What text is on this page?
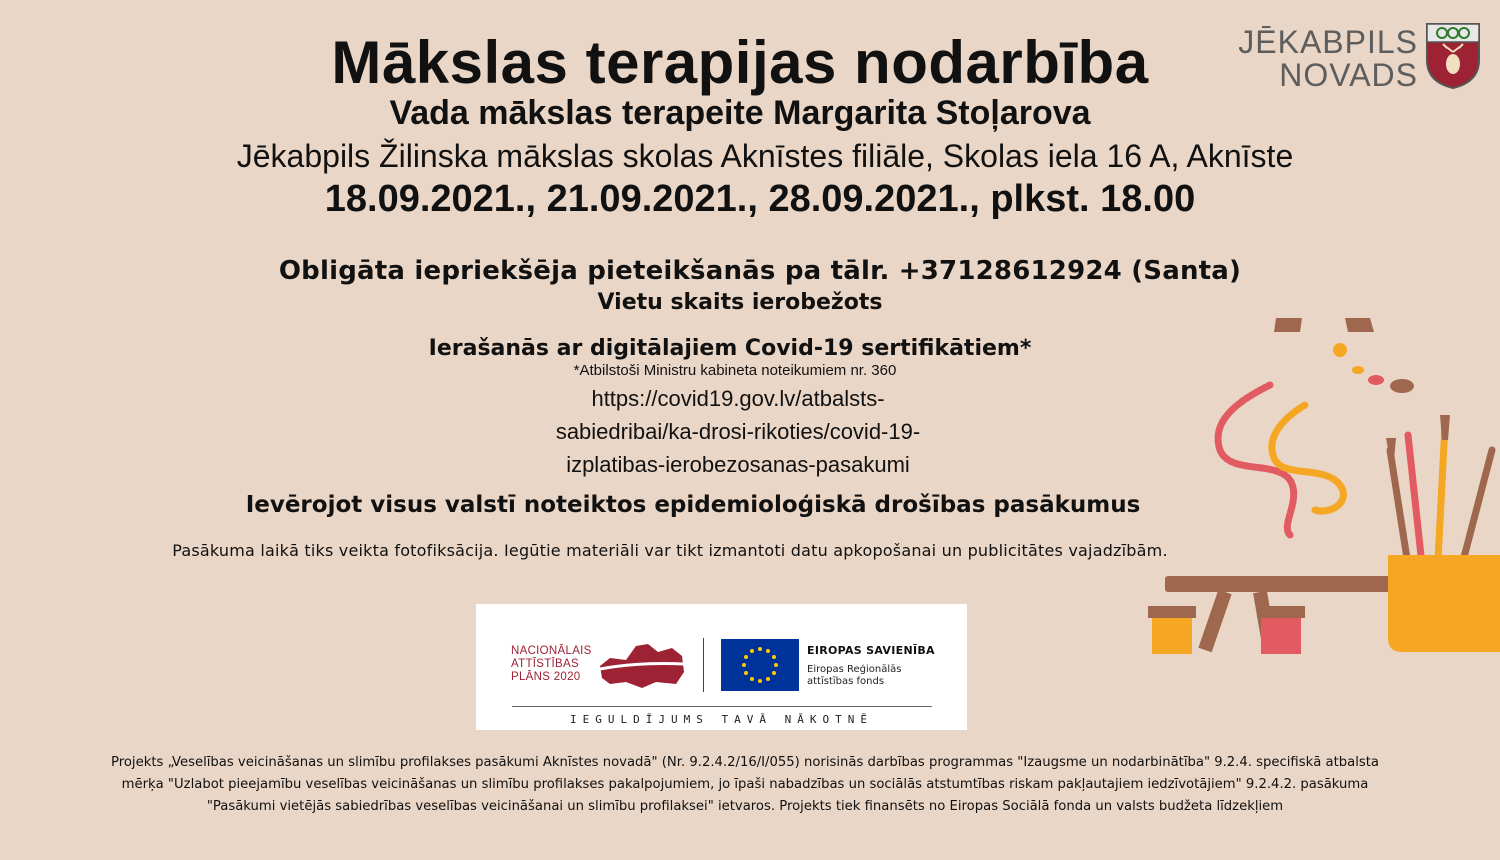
Mākslas terapijas nodarbība
Vada mākslas terapeite Margarita Stoļarova
Jēkabpils Žilinska mākslas skolas Aknīstes filiāle, Skolas iela 16 A, Aknīste
18.09.2021., 21.09.2021., 28.09.2021., plkst. 18.00
JĒKABPILS
NOVADS
Obligāta iepriekšēja pieteikšanās pa tālr. +37128612924 (Santa)
Vietu skaits ierobežots
Ierašanās ar digitālajiem Covid-19 sertifikātiem*
*Atbilstoši Ministru kabineta noteikumiem nr. 360
https://covid19.gov.lv/atbalsts-
sabiedribai/ka-drosi-rikoties/covid-19-
izplatibas-ierobezosanas-pasakumi
Ievērojot visus valstī noteiktos epidemioloģiskā drošības pasākumus
Pasākuma laikā tiks veikta fotofiksācija. Iegūtie materiāli var tikt izmantoti datu apkopošanai un publicitātes vajadzībām.
NACIONĀLAIS
ATTĪSTĪBAS
PLĀNS 2020
EIROPAS SAVIENĪBA
Eiropas Reģionālās
attīstības fonds
IEGULDĪJUMS TAVĀ NĀKOTNĒ
Projekts „Veselības veicināšanas un slimību profilakses pasākumi Aknīstes novadā" (Nr. 9.2.4.2/16/I/055) norisinās darbības programmas "Izaugsme un nodarbinātība" 9.2.4. specifiskā atbalsta
mērķa "Uzlabot pieejamību veselības veicināšanas un slimību profilakses pakalpojumiem, jo īpaši nabadzības un sociālās atstumtības riskam pakļautajiem iedzīvotājiem" 9.2.4.2. pasākuma
"Pasākumi vietējās sabiedrības veselības veicināšanai un slimību profilaksei" ietvaros. Projekts tiek finansēts no Eiropas Sociālā fonda un valsts budžeta līdzekļiem
